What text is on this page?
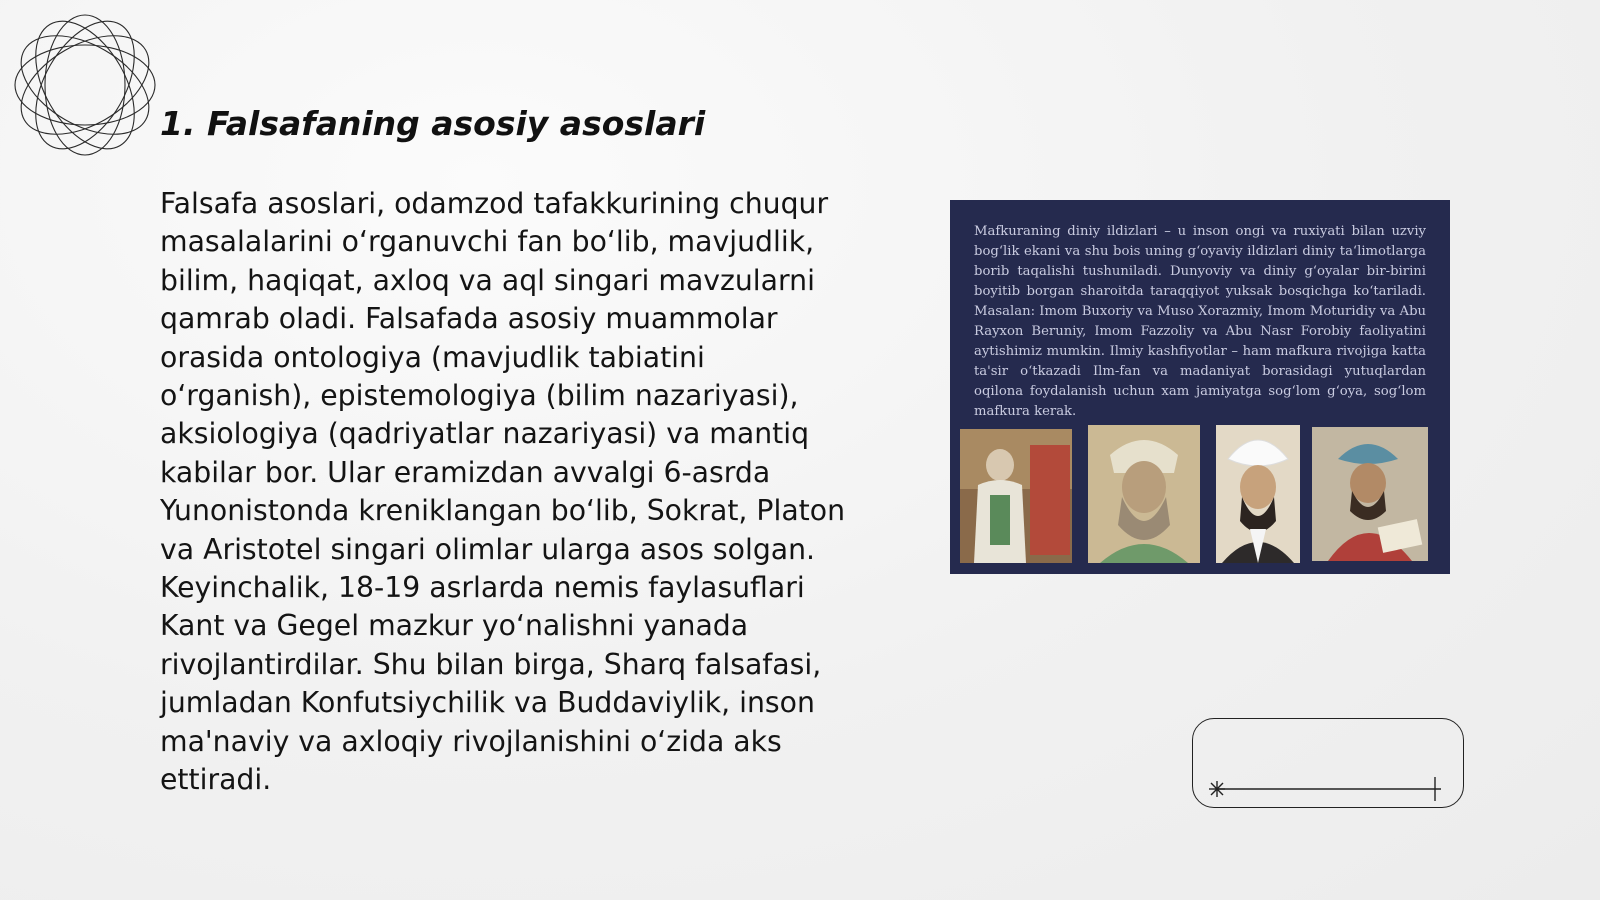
1. Falsafaning asosiy asoslari

Falsafa asoslari, odamzod tafakkurining chuqur masalalarini o‘rganuvchi fan bo‘lib, mavjudlik, bilim, haqiqat, axloq va aql singari mavzularni qamrab oladi. Falsafada asosiy muammolar orasida ontologiya (mavjudlik tabiatini o‘rganish), epistemologiya (bilim nazariyasi), aksiologiya (qadriyatlar nazariyasi) va mantiq kabilar bor. Ular eramizdan avvalgi 6-asrda Yunonistonda kreniklangan bo‘lib, Sokrat, Platon va Aristotel singari olimlar ularga asos solgan. Keyinchalik, 18-19 asrlarda nemis faylasuflari Kant va Gegel mazkur yo‘nalishni yanada rivojlantirdilar. Shu bilan birga, Sharq falsafasi, jumladan Konfutsiychilik va Buddaviylik, inson ma'naviy va axloqiy rivojlanishini o‘zida aks ettiradi.

Mafkuraning diniy ildizlari – u inson ongi va ruxiyati bilan uzviy bog‘lik ekani va shu bois uning g‘oyaviy ildizlari diniy ta‘limotlarga borib taqalishi tushuniladi. Dunyoviy va diniy g‘oyalar bir-birini boyitib borgan sharoitda taraqqiyot yuksak bosqichga ko‘tariladi. Masalan: Imom Buxoriy va Muso Xorazmiy, Imom Moturidiy va Abu Rayxon Beruniy, Imom Fazzoliy va Abu Nasr Forobiy faoliyatini aytishimiz mumkin. Ilmiy kashfiyotlar – ham mafkura rivojiga katta ta'sir o‘tkazadi Ilm-fan va madaniyat borasidagi yutuqlardan oqilona foydalanish uchun xam jamiyatga sog‘lom g‘oya, sog‘lom mafkura kerak.
